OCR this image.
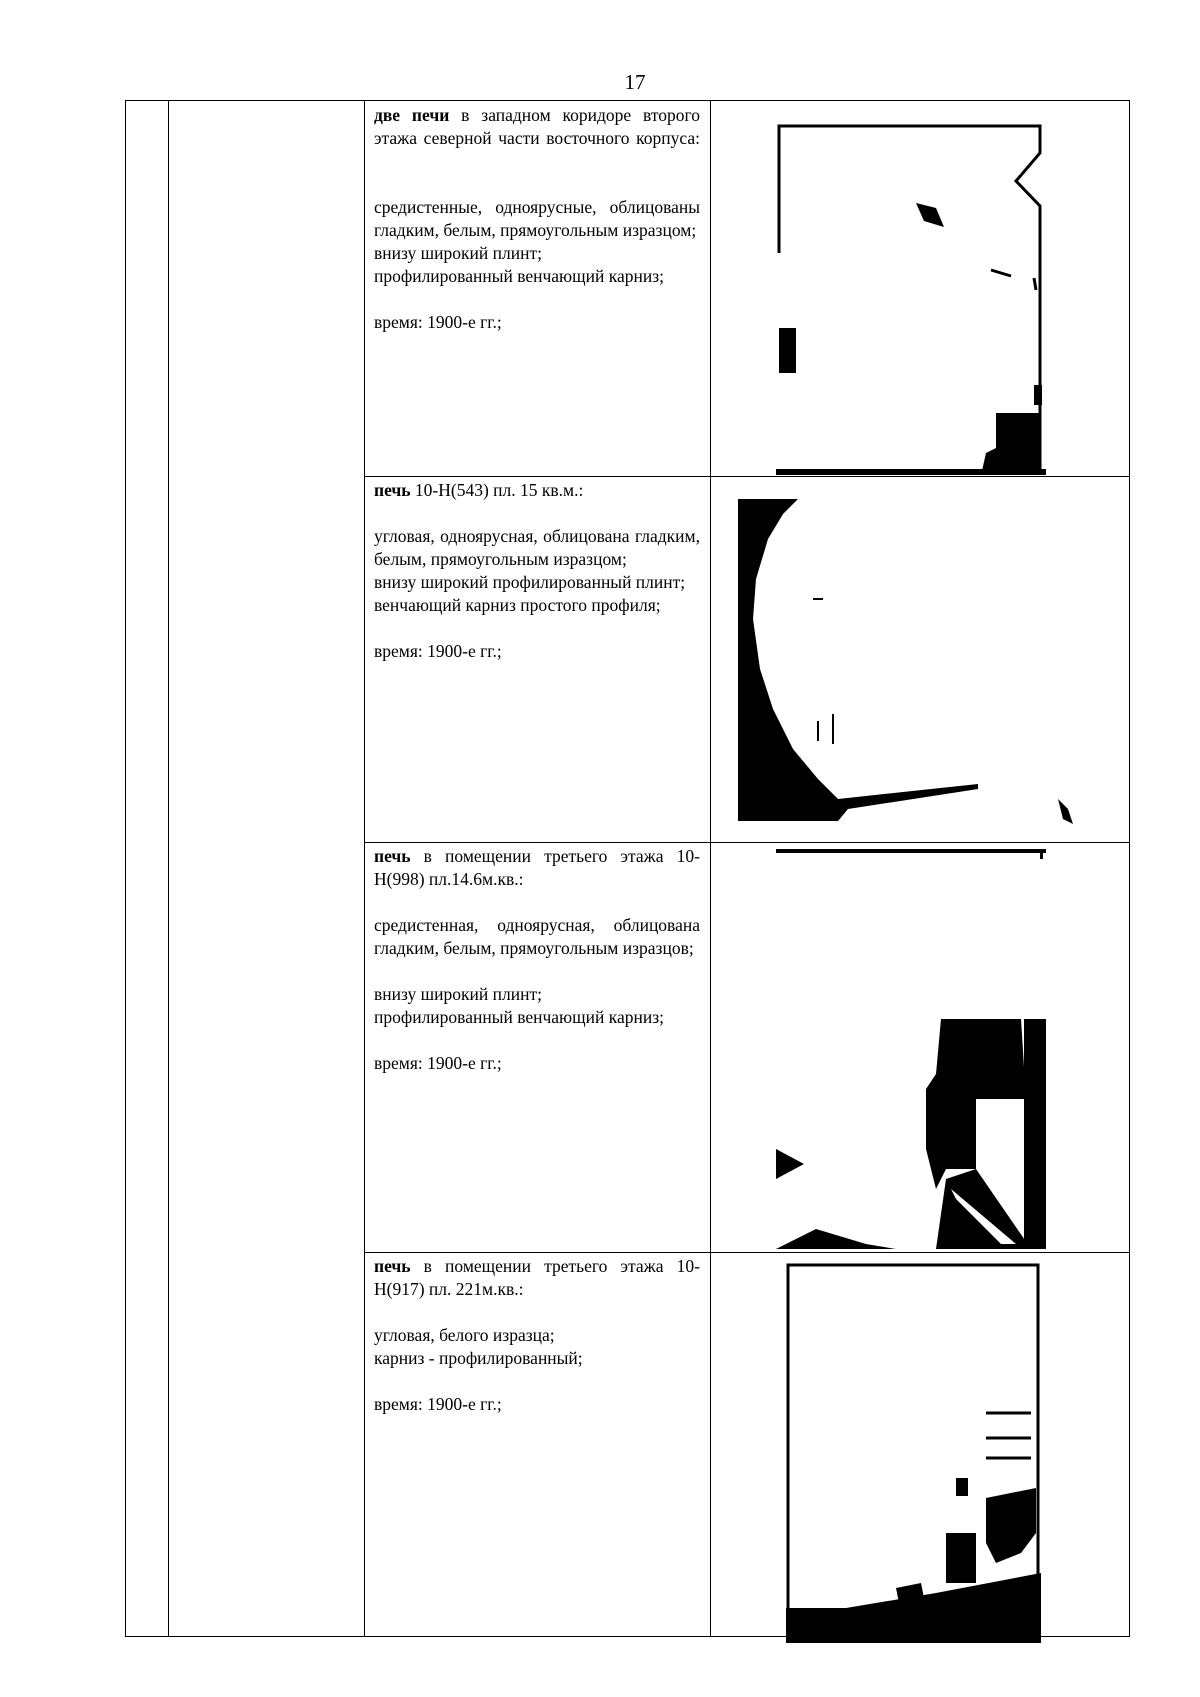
17

две печи в западном коридоре второго этажа северной части восточного корпуса:

средистенные, одноярусные, облицованы гладким, белым, прямоугольным изразцом;

внизу широкий плинт;

профилированный венчающий карниз;

время: 1900-е гг.;

печь 10-Н(543) пл. 15 кв.м.:

угловая, одноярусная, облицована гладким, белым, прямоугольным изразцом;

внизу широкий профилированный плинт;

венчающий карниз простого профиля;

время: 1900-е гг.;

печь в помещении третьего этажа 10-Н(998) пл.14.6м.кв.:

средистенная, одноярусная, облицована гладким, белым, прямоугольным изразцов;

внизу широкий плинт;

профилированный венчающий карниз;

время: 1900-е гг.;

печь в помещении третьего этажа 10-Н(917) пл. 221м.кв.:

угловая, белого изразца;

карниз - профилированный;

время: 1900-е гг.;
